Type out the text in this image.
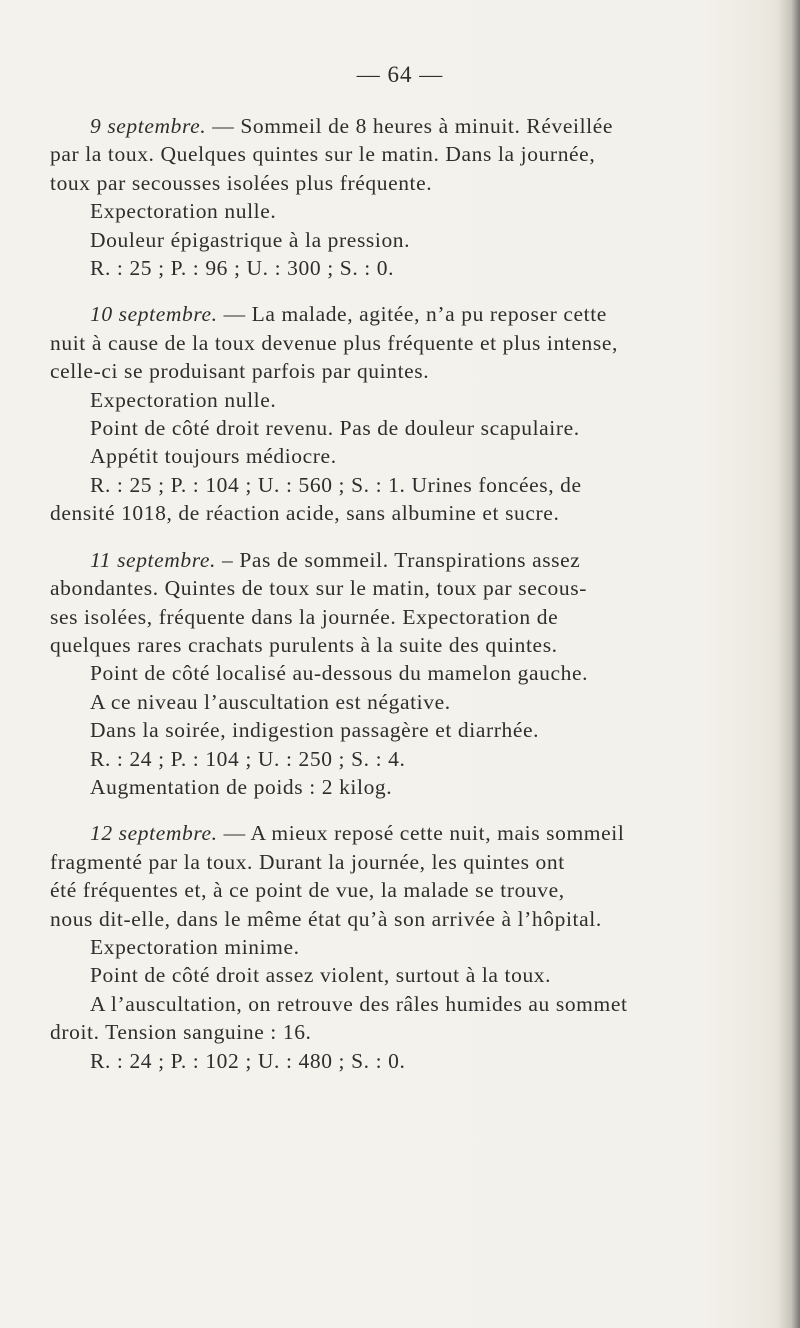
— 64 —
9 septembre. — Sommeil de 8 heures à minuit. Réveillée
par la toux. Quelques quintes sur le matin. Dans la journée,
toux par secousses isolées plus fréquente.
Expectoration nulle.
Douleur épigastrique à la pression.
R. : 25 ; P. : 96 ; U. : 300 ; S. : 0.
10 septembre. — La malade, agitée, n’a pu reposer cette
nuit à cause de la toux devenue plus fréquente et plus intense,
celle-ci se produisant parfois par quintes.
Expectoration nulle.
Point de côté droit revenu. Pas de douleur scapulaire.
Appétit toujours médiocre.
R. : 25 ; P. : 104 ; U. : 560 ; S. : 1. Urines foncées, de
densité 1018, de réaction acide, sans albumine et sucre.
11 septembre. – Pas de sommeil. Transpirations assez
abondantes. Quintes de toux sur le matin, toux par secous-
ses isolées, fréquente dans la journée. Expectoration de
quelques rares crachats purulents à la suite des quintes.
Point de côté localisé au-dessous du mamelon gauche.
A ce niveau l’auscultation est négative.
Dans la soirée, indigestion passagère et diarrhée.
R. : 24 ; P. : 104 ; U. : 250 ; S. : 4.
Augmentation de poids : 2 kilog.
12 septembre. — A mieux reposé cette nuit, mais sommeil
fragmenté par la toux. Durant la journée, les quintes ont
été fréquentes et, à ce point de vue, la malade se trouve,
nous dit-elle, dans le même état qu’à son arrivée à l’hôpital.
Expectoration minime.
Point de côté droit assez violent, surtout à la toux.
A l’auscultation, on retrouve des râles humides au sommet
droit. Tension sanguine : 16.
R. : 24 ; P. : 102 ; U. : 480 ; S. : 0.
